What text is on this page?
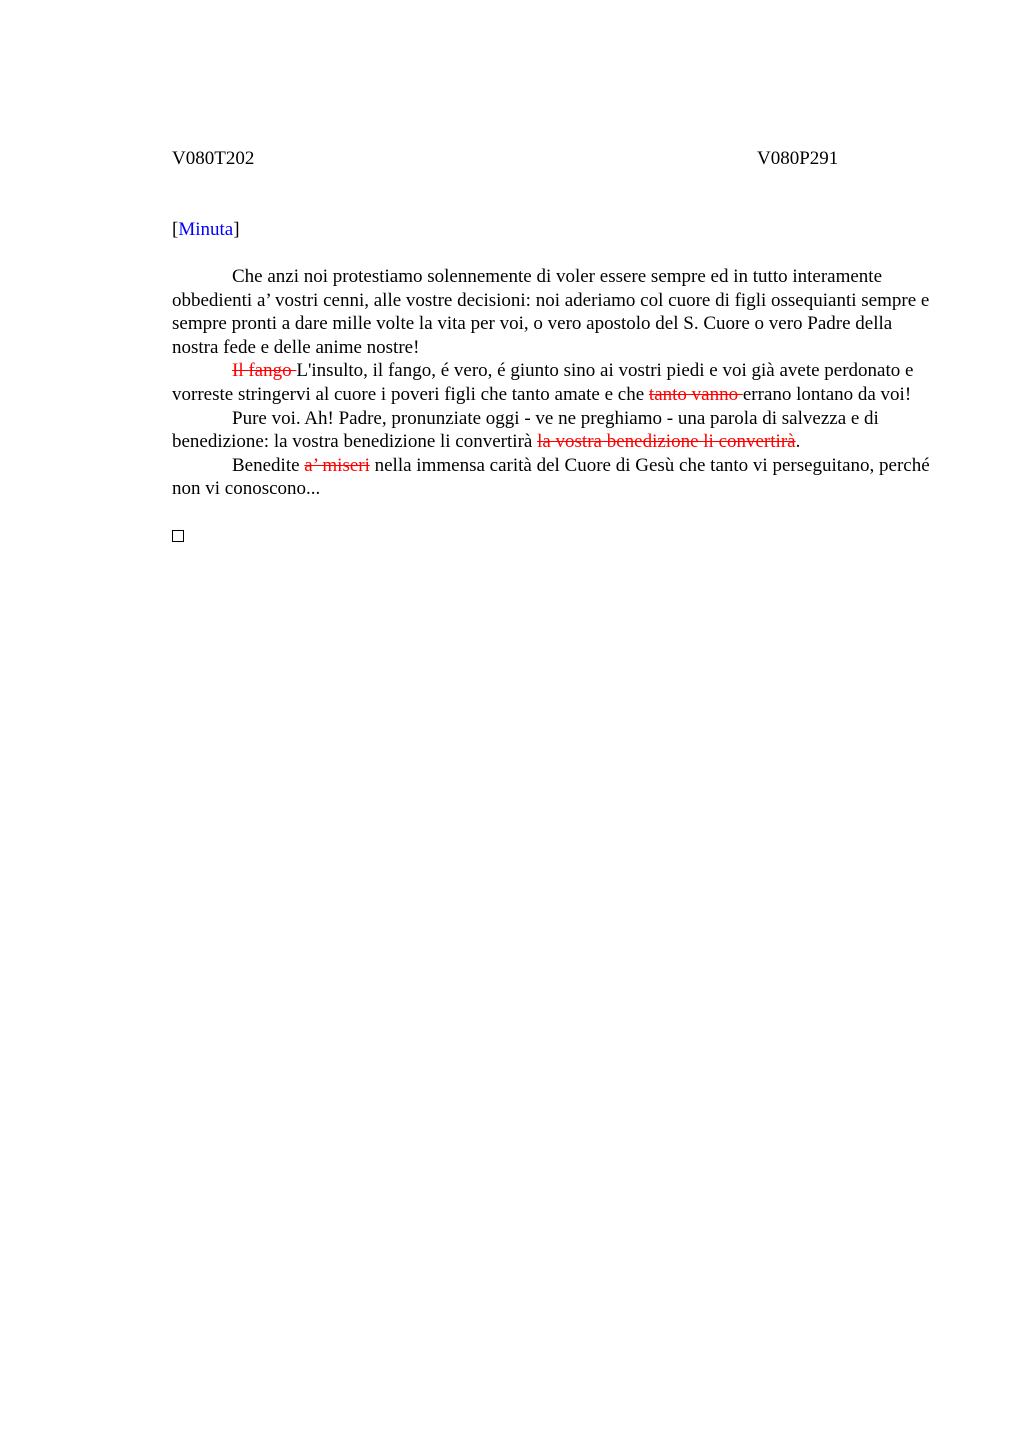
V080T202	V080P291
[Minuta]

Che anzi noi protestiamo solennemente di voler essere sempre ed in tutto interamente obbedienti a’ vostri cenni, alle vostre decisioni: noi aderiamo col cuore di figli ossequianti sempre e sempre pronti a dare mille volte la vita per voi, o vero apostolo del S. Cuore o vero Padre della nostra fede e delle anime nostre!

Il fango L'insulto, il fango, é vero, é giunto sino ai vostri piedi e voi già avete perdonato e vorreste stringervi al cuore i poveri figli che tanto amate e che tanto vanno errano lontano da voi!

Pure voi. Ah! Padre, pronunziate oggi - ve ne preghiamo - una parola di salvezza e di benedizione: la vostra benedizione li convertirà la vostra benedizione li convertirà.

Benedite a’ miseri nella immensa carità del Cuore di Gesù che tanto vi perseguitano, perché non vi conoscono...
